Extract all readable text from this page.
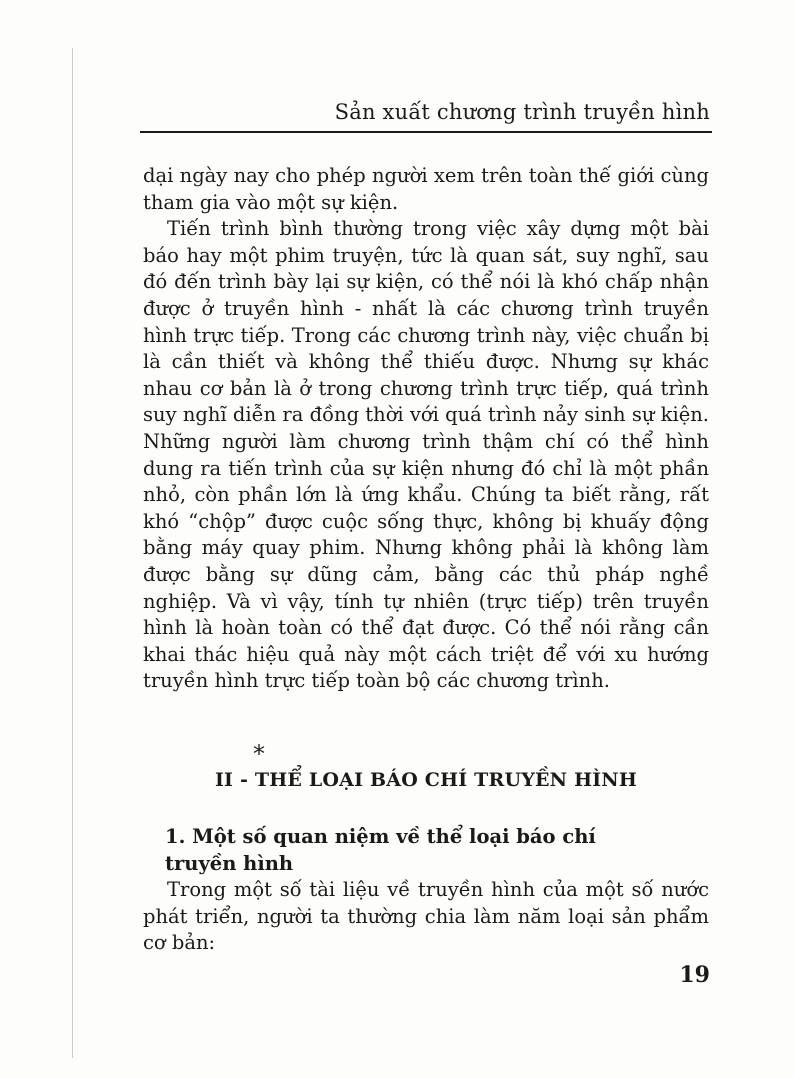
Sản xuất chương trình truyền hình

dại ngày nay cho phép người xem trên toàn thế giới cùng tham gia vào một sự kiện.

Tiến trình bình thường trong việc xây dựng một bài báo hay một phim truyện, tức là quan sát, suy nghĩ, sau đó đến trình bày lại sự kiện, có thể nói là khó chấp nhận được ở truyền hình - nhất là các chương trình truyền hình trực tiếp. Trong các chương trình này, việc chuẩn bị là cần thiết và không thể thiếu được. Nhưng sự khác nhau cơ bản là ở trong chương trình trực tiếp, quá trình suy nghĩ diễn ra đồng thời với quá trình nảy sinh sự kiện. Những người làm chương trình thậm chí có thể hình dung ra tiến trình của sự kiện nhưng đó chỉ là một phần nhỏ, còn phần lớn là ứng khẩu. Chúng ta biết rằng, rất khó “chộp” được cuộc sống thực, không bị khuấy động bằng máy quay phim. Nhưng không phải là không làm được bằng sự dũng cảm, bằng các thủ pháp nghề nghiệp. Và vì vậy, tính tự nhiên (trực tiếp) trên truyền hình là hoàn toàn có thể đạt được. Có thể nói rằng cần khai thác hiệu quả này một cách triệt để với xu hướng truyền hình trực tiếp toàn bộ các chương trình.

*
II - THỂ LOẠI BÁO CHÍ TRUYỀN HÌNH
1. Một số quan niệm về thể loại báo chí truyền hình

Trong một số tài liệu về truyền hình của một số nước phát triển, người ta thường chia làm năm loại sản phẩm cơ bản:

19
